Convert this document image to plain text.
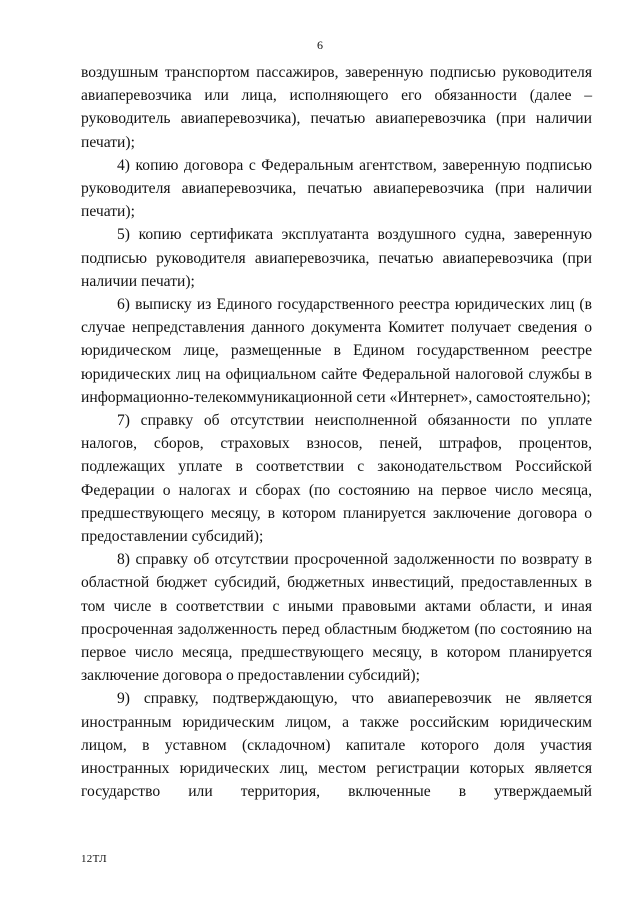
6

воздушным транспортом пассажиров, заверенную подписью руководителя авиаперевозчика или лица, исполняющего его обязанности (далее – руководитель авиаперевозчика), печатью авиаперевозчика (при наличии печати);

4) копию договора с Федеральным агентством, заверенную подписью руководителя авиаперевозчика, печатью авиаперевозчика (при наличии печати);

5) копию сертификата эксплуатанта воздушного судна, заверенную подписью руководителя авиаперевозчика, печатью авиаперевозчика (при наличии печати);

6) выписку из Единого государственного реестра юридических лиц (в случае непредставления данного документа Комитет получает сведения о юридическом лице, размещенные в Едином государственном реестре юридических лиц на официальном сайте Федеральной налоговой службы в информационно-телекоммуникационной сети «Интернет», самостоятельно);

7) справку об отсутствии неисполненной обязанности по уплате налогов, сборов, страховых взносов, пеней, штрафов, процентов, подлежащих уплате в соответствии с законодательством Российской Федерации о налогах и сборах (по состоянию на первое число месяца, предшествующего месяцу, в котором планируется заключение договора о предоставлении субсидий);

8) справку об отсутствии просроченной задолженности по возврату в областной бюджет субсидий, бюджетных инвестиций, предоставленных в том числе в соответствии с иными правовыми актами области, и иная просроченная задолженность перед областным бюджетом (по состоянию на первое число месяца, предшествующего месяцу, в котором планируется заключение договора о предоставлении субсидий);

9) справку, подтверждающую, что авиаперевозчик не является иностранным юридическим лицом, а также российским юридическим лицом, в уставном (складочном) капитале которого доля участия иностранных юридических лиц, местом регистрации которых является государство или территория, включенные в утверждаемый

12ТЛ
